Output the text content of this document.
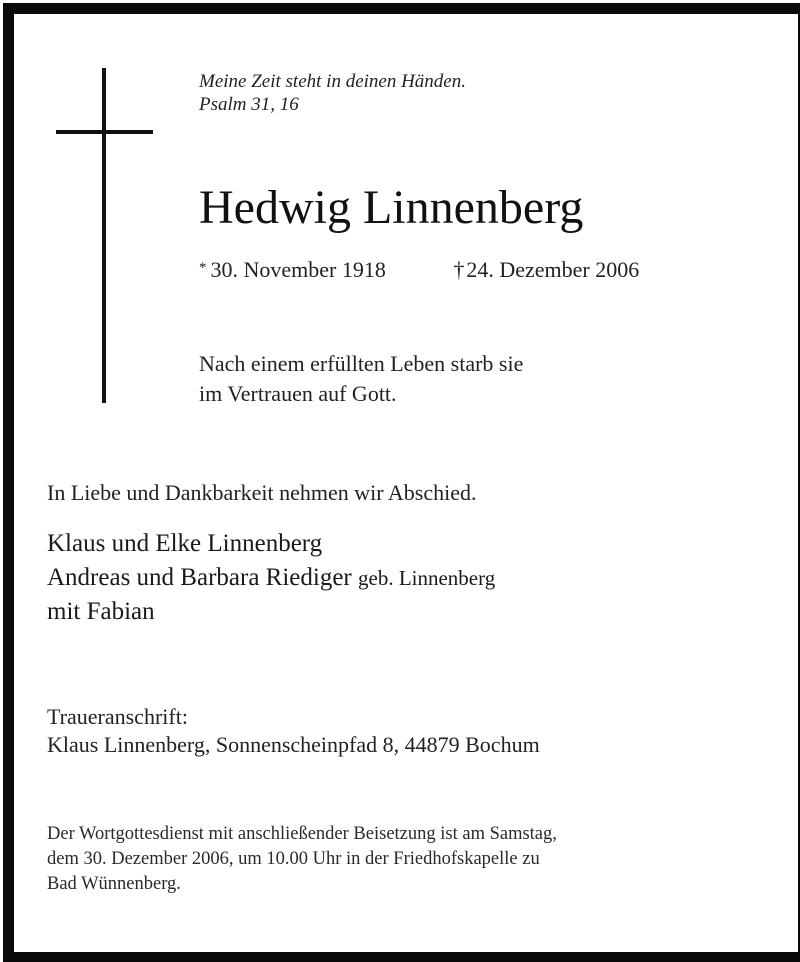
Meine Zeit steht in deinen Händen.
Psalm 31, 16
Hedwig Linnenberg
* 30. November 1918	†24. Dezember 2006
Nach einem erfüllten Leben starb sie
im Vertrauen auf Gott.
In Liebe und Dankbarkeit nehmen wir Abschied.
Klaus und Elke Linnenberg
Andreas und Barbara Riediger geb. Linnenberg
mit Fabian
Traueranschrift:
Klaus Linnenberg, Sonnenscheinpfad 8, 44879 Bochum
Der Wortgottesdienst mit anschließender Beisetzung ist am Samstag,
dem 30. Dezember 2006, um 10.00 Uhr in der Friedhofskapelle zu
Bad Wünnenberg.
